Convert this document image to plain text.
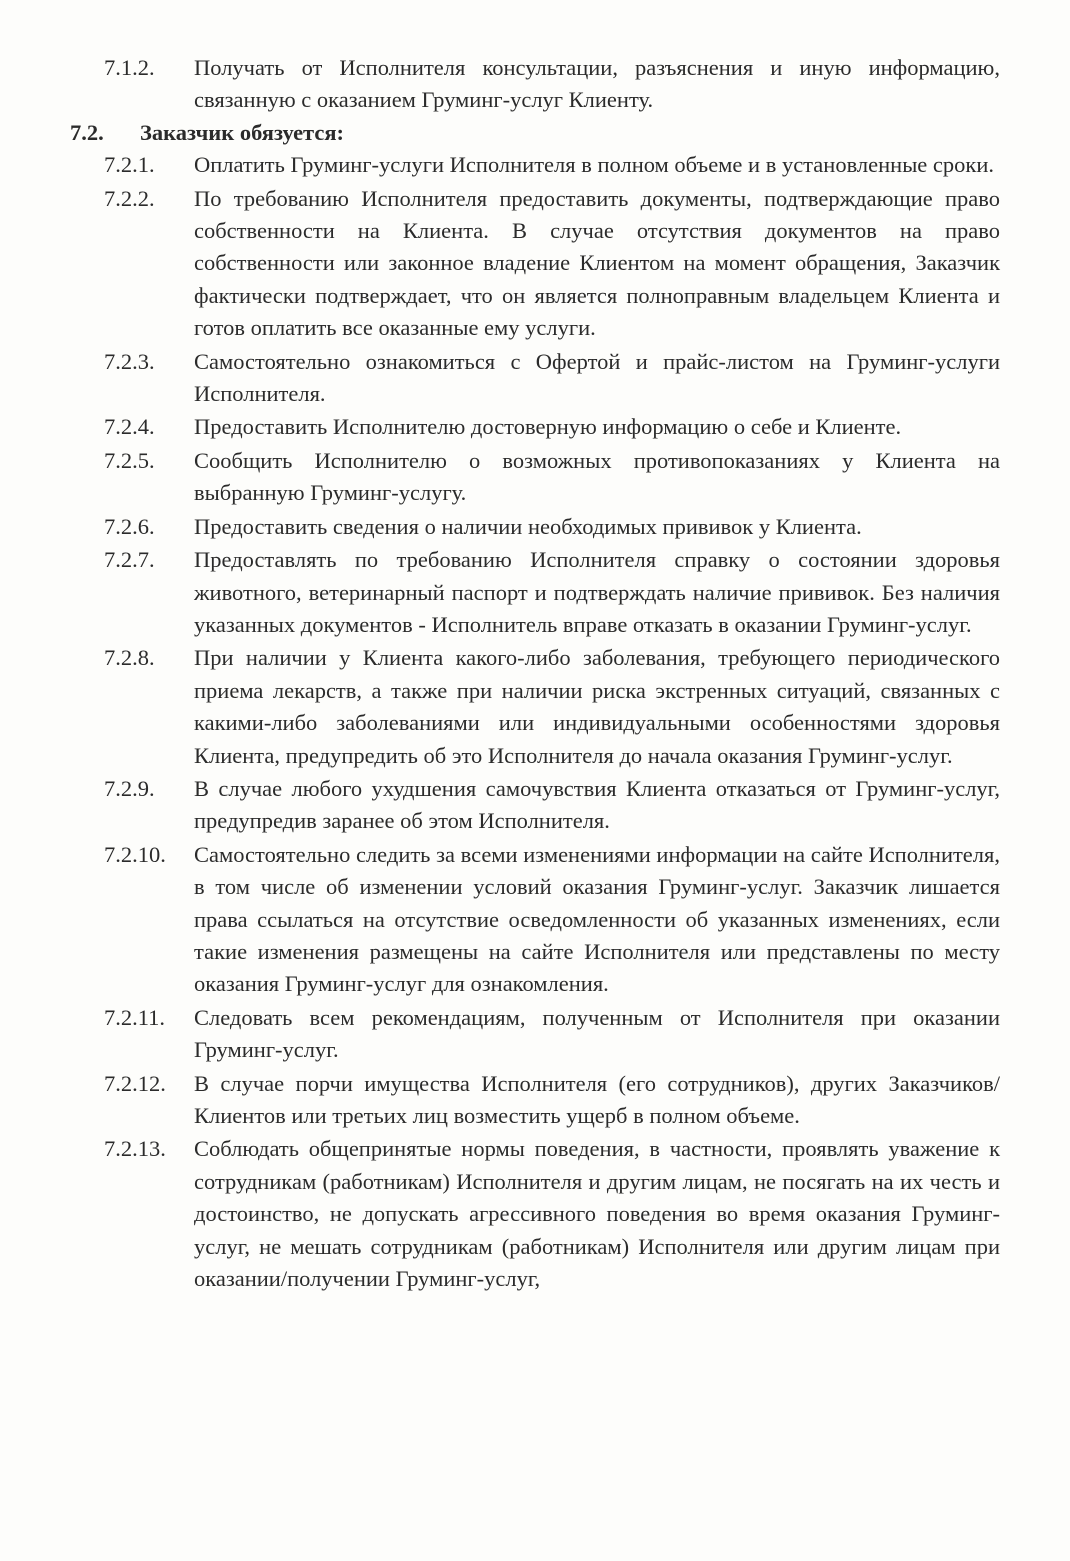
7.1.2.	Получать от Исполнителя консультации, разъяснения и иную информацию, связанную с оказанием Груминг-услуг Клиенту.
7.2.	Заказчик обязуется:
7.2.1.	Оплатить Груминг-услуги Исполнителя в полном объеме и в установленные сроки.
7.2.2.	По требованию Исполнителя предоставить документы, подтверждающие право собственности на Клиента. В случае отсутствия документов на право собственности или законное владение Клиентом на момент обращения, Заказчик фактически подтверждает, что он является полноправным владельцем Клиента и готов оплатить все оказанные ему услуги.
7.2.3.	Самостоятельно ознакомиться с Офертой и прайс-листом на Груминг-услуги Исполнителя.
7.2.4.	Предоставить Исполнителю достоверную информацию о себе и Клиенте.
7.2.5.	Сообщить Исполнителю о возможных противопоказаниях у Клиента на выбранную Груминг-услугу.
7.2.6.	Предоставить сведения о наличии необходимых прививок у Клиента.
7.2.7.	Предоставлять по требованию Исполнителя справку о состоянии здоровья животного, ветеринарный паспорт и подтверждать наличие прививок. Без наличия указанных документов - Исполнитель вправе отказать в оказании Груминг-услуг.
7.2.8.	При наличии у Клиента какого-либо заболевания, требующего периодического приема лекарств, а также при наличии риска экстренных ситуаций, связанных с какими-либо заболеваниями или индивидуальными особенностями здоровья Клиента, предупредить об это Исполнителя до начала оказания Груминг-услуг.
7.2.9.	В случае любого ухудшения самочувствия Клиента отказаться от Груминг-услуг, предупредив заранее об этом Исполнителя.
7.2.10.	Самостоятельно следить за всеми изменениями информации на сайте Исполнителя, в том числе об изменении условий оказания Груминг-услуг. Заказчик лишается права ссылаться на отсутствие осведомленности об указанных изменениях, если такие изменения размещены на сайте Исполнителя или представлены по месту оказания Груминг-услуг для ознакомления.
7.2.11.	Следовать всем рекомендациям, полученным от Исполнителя при оказании Груминг-услуг.
7.2.12.	В случае порчи имущества Исполнителя (его сотрудников), других Заказчиков/Клиентов или третьих лиц возместить ущерб в полном объеме.
7.2.13.	Соблюдать общепринятые нормы поведения, в частности, проявлять уважение к сотрудникам (работникам) Исполнителя и другим лицам, не посягать на их честь и достоинство, не допускать агрессивного поведения во время оказания Груминг-услуг, не мешать сотрудникам (работникам) Исполнителя или другим лицам при оказании/получении Груминг-услуг,
